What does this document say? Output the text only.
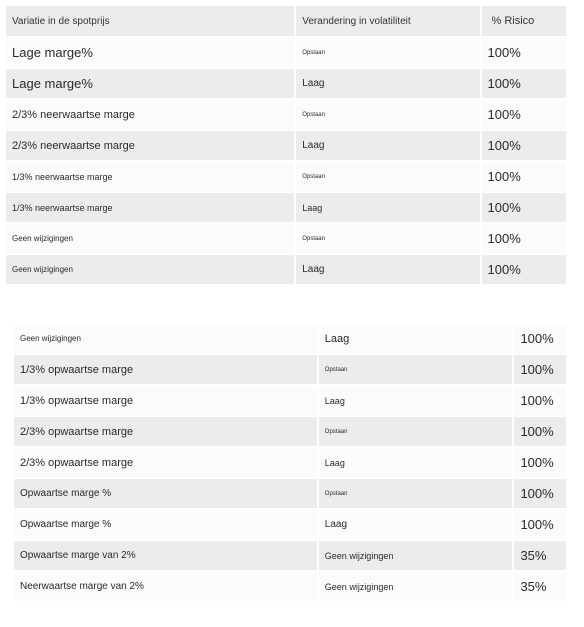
Variatie in de spotprijs	Verandering in volatiliteit	% Risico
Lage marge%	Opstaan	100%
Lage marge%	Laag	100%
2/3% neerwaartse marge	Opstaan	100%
2/3% neerwaartse marge	Laag	100%
1/3% neerwaartse marge	Opstaan	100%
1/3% neerwaartse marge	Laag	100%
Geen wijzigingen	Opstaan	100%
Geen wijzigingen	Laag	100%
Geen wijzigingen	Laag	100%
1/3% opwaartse marge	Opstaan	100%
1/3% opwaartse marge	Laag	100%
2/3% opwaartse marge	Opstaan	100%
2/3% opwaartse marge	Laag	100%
Opwaartse marge %	Opstaan	100%
Opwaartse marge %	Laag	100%
Opwaartse marge van 2%	Geen wijzigingen	35%
Neerwaartse marge van 2%	Geen wijzigingen	35%
